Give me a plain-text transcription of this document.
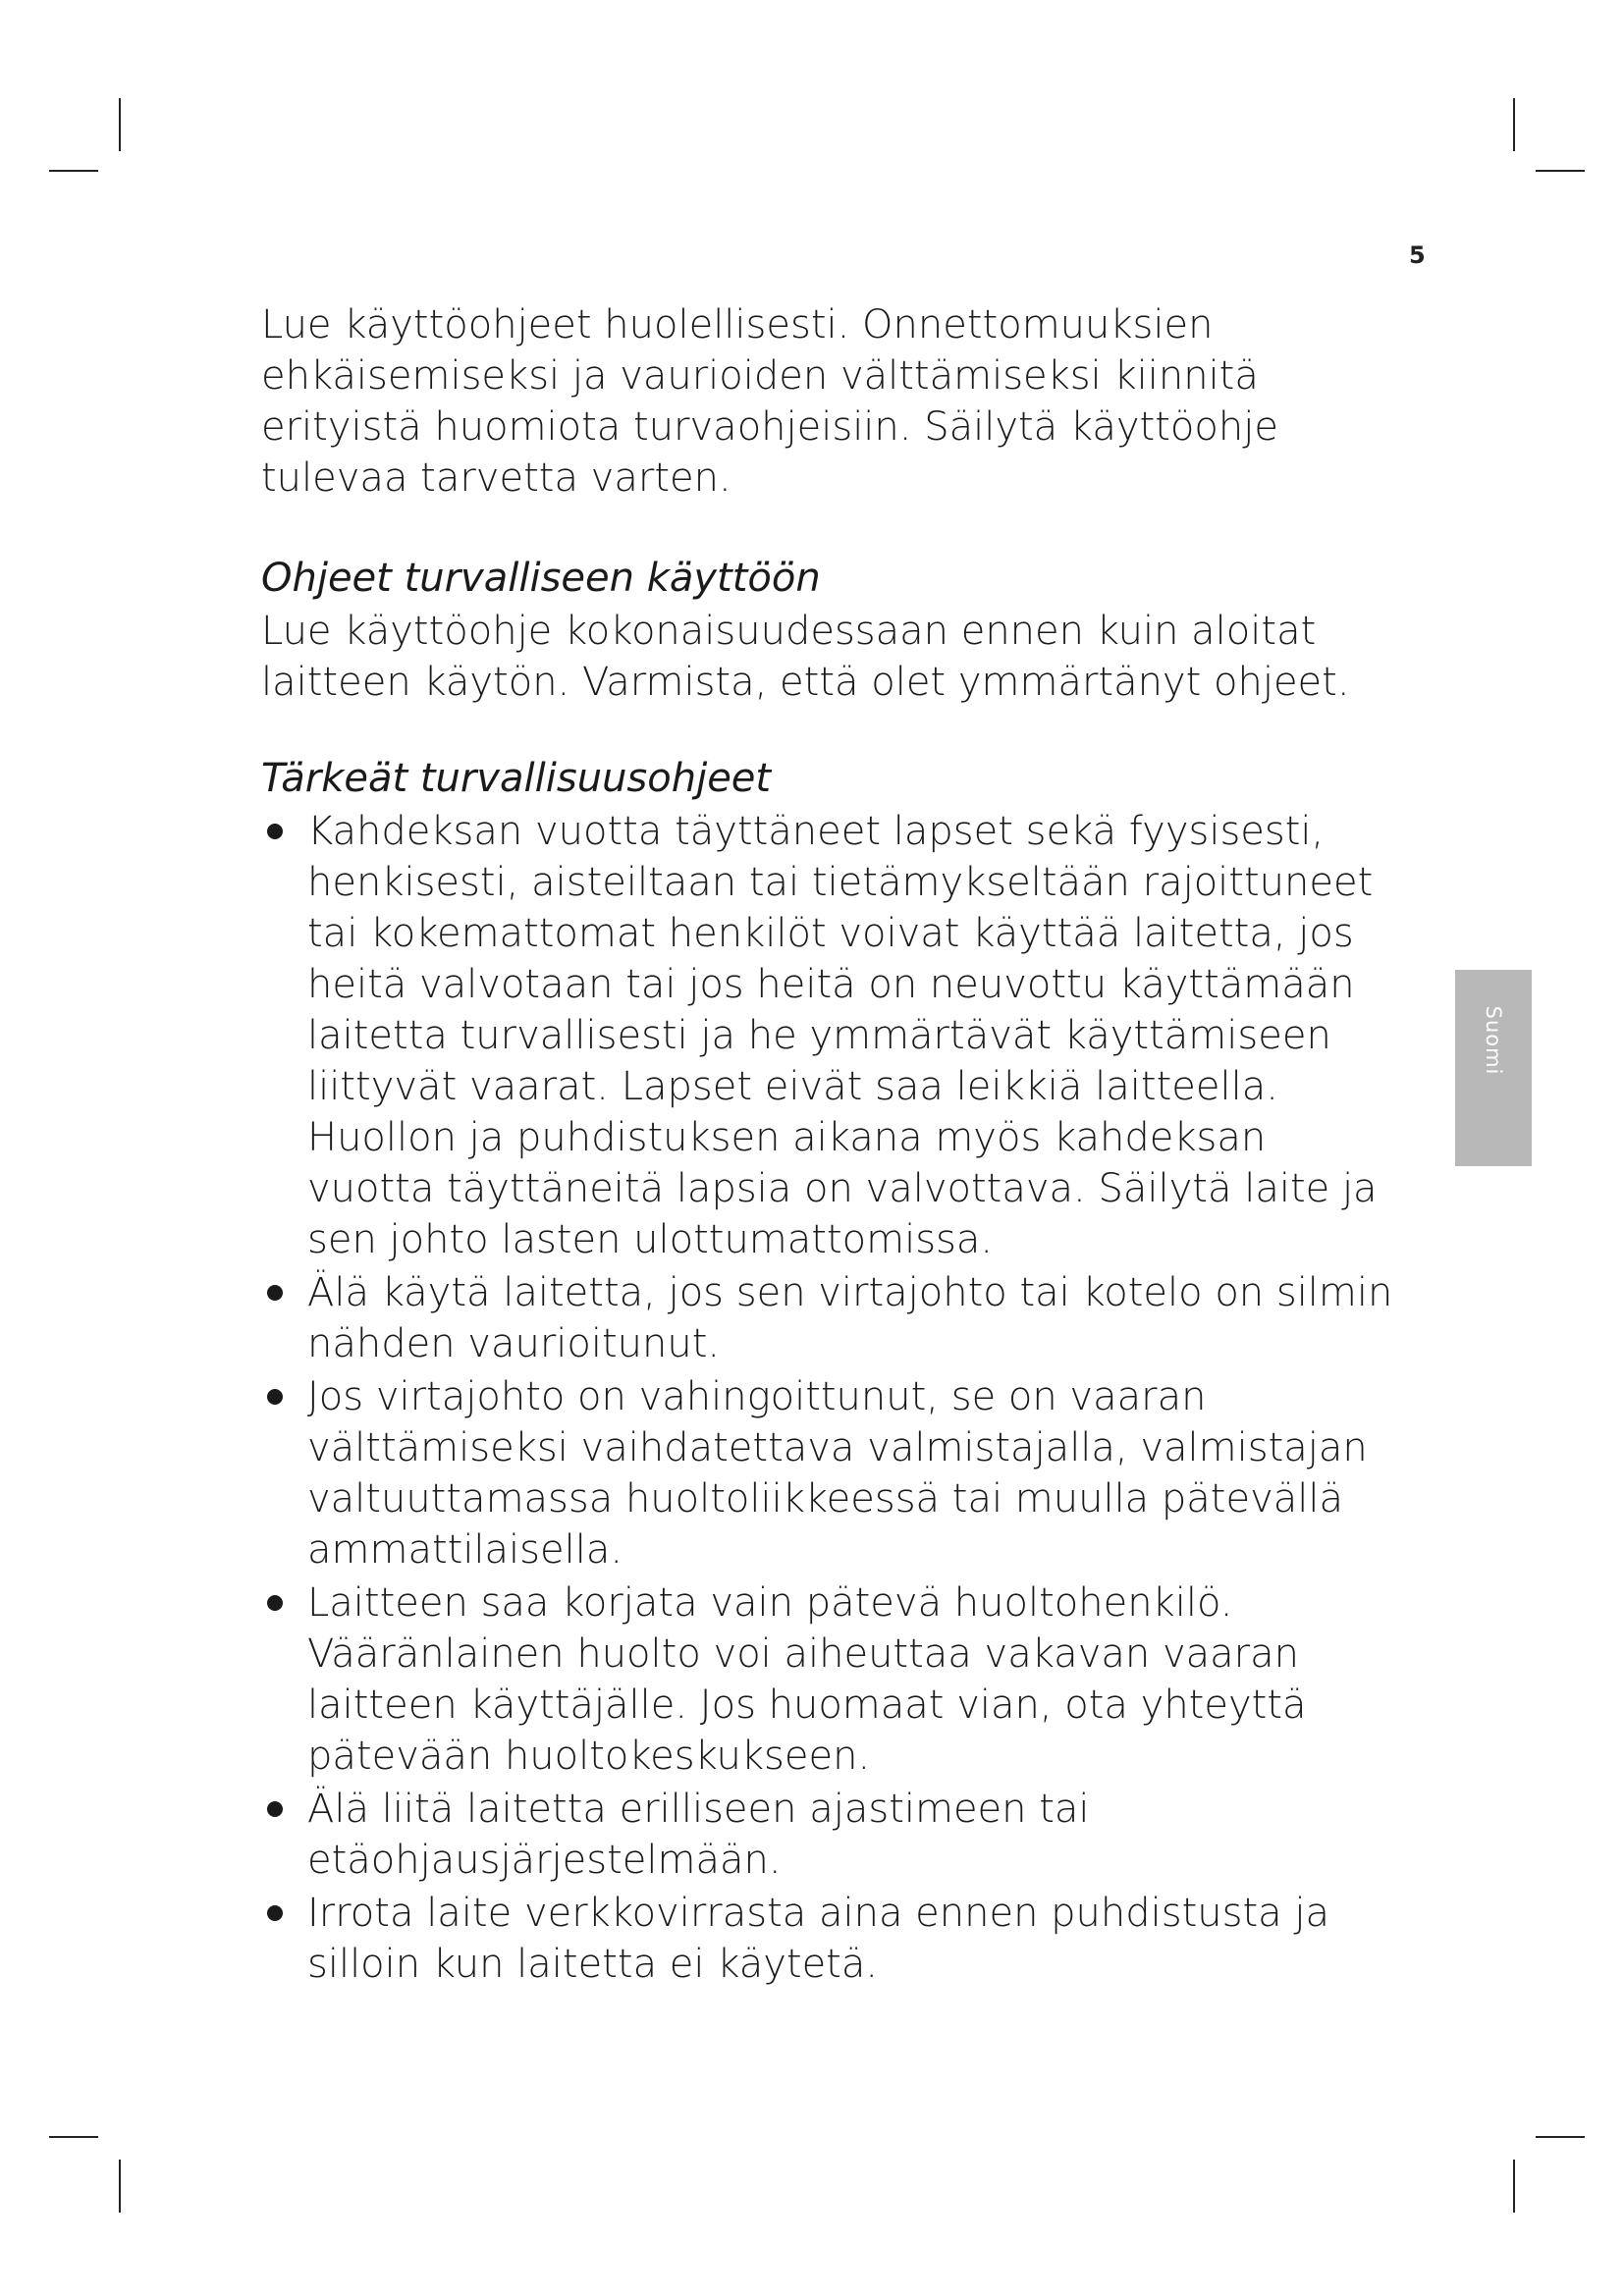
5
Suomi

Lue käyttöohjeet huolellisesti. Onnettomuuksien ehkäisemiseksi ja vaurioiden välttämiseksi kiinnitä erityistä huomiota turvaohjeisiin. Säilytä käyttöohje tulevaa tarvetta varten.

Ohjeet turvalliseen käyttöön

Lue käyttöohje kokonaisuudessaan ennen kuin aloitat laitteen käytön. Varmista, että olet ymmärtänyt ohjeet.

Tärkeät turvallisuusohjeet
Kahdeksan vuotta täyttäneet lapset sekä fyysisesti, henkisesti, aisteiltaan tai tietämykseltään rajoittuneet tai kokemattomat henkilöt voivat käyttää laitetta, jos heitä valvotaan tai jos heitä on neuvottu käyttämään laitetta turvallisesti ja he ymmärtävät käyttämiseen liittyvät vaarat. Lapset eivät saa leikkiä laitteella. Huollon ja puhdistuksen aikana myös kahdeksan vuotta täyttäneitä lapsia on valvottava. Säilytä laite ja sen johto lasten ulottumattomissa.
Älä käytä laitetta, jos sen virtajohto tai kotelo on silmin nähden vaurioitunut.
Jos virtajohto on vahingoittunut, se on vaaran välttämiseksi vaihdatettava valmistajalla, valmistajan valtuuttamassa huoltoliikkeessä tai muulla pätevällä ammattilaisella.
Laitteen saa korjata vain pätevä huoltohenkilö. Vääränlainen huolto voi aiheuttaa vakavan vaaran laitteen käyttäjälle. Jos huomaat vian, ota yhteyttä pätevään huoltokeskukseen.
Älä liitä laitetta erilliseen ajastimeen tai etäohjausjärjestelmään.
Irrota laite verkkovirrasta aina ennen puhdistusta ja silloin kun laitetta ei käytetä.
